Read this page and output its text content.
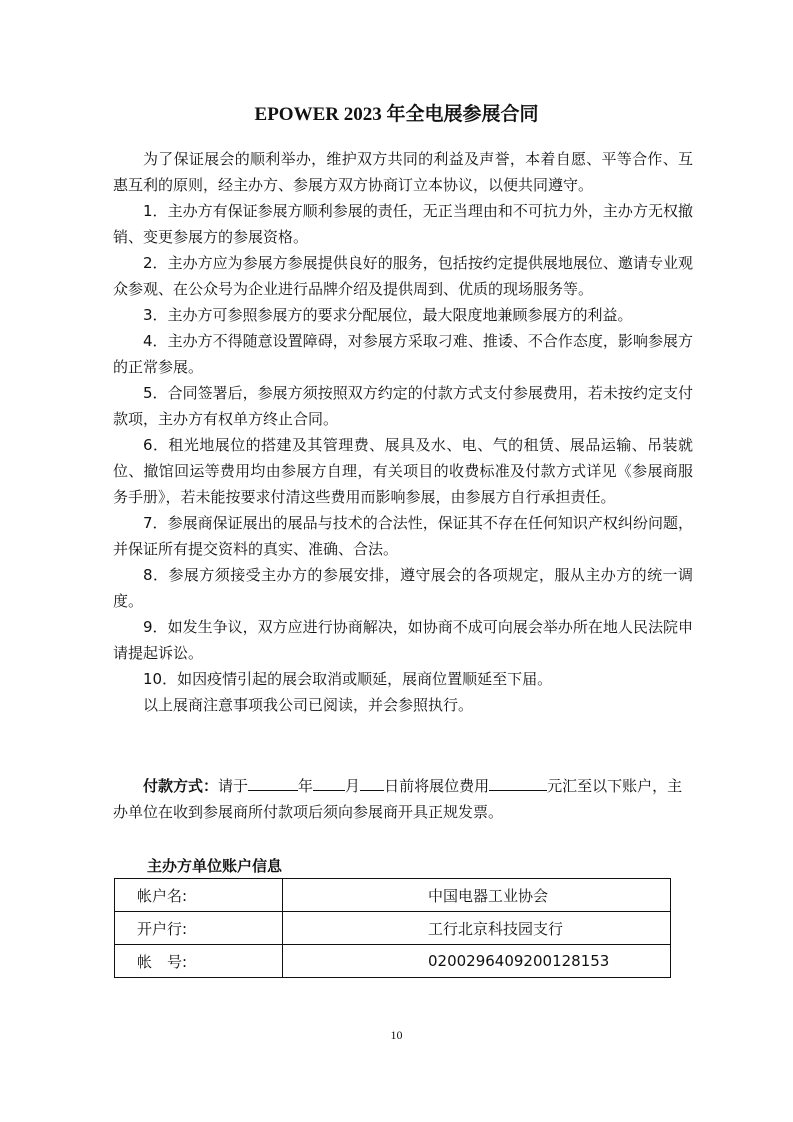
EPOWER 2023 年全电展参展合同

为了保证展会的顺利举办，维护双方共同的利益及声誉，本着自愿、平等合作、互惠互利的原则，经主办方、参展方双方协商订立本协议，以便共同遵守。

1．主办方有保证参展方顺利参展的责任，无正当理由和不可抗力外，主办方无权撤销、变更参展方的参展资格。

2．主办方应为参展方参展提供良好的服务，包括按约定提供展地展位、邀请专业观众参观、在公众号为企业进行品牌介绍及提供周到、优质的现场服务等。

3．主办方可参照参展方的要求分配展位，最大限度地兼顾参展方的利益。

4．主办方不得随意设置障碍，对参展方采取刁难、推诿、不合作态度，影响参展方的正常参展。

5．合同签署后，参展方须按照双方约定的付款方式支付参展费用，若未按约定支付款项，主办方有权单方终止合同。

6．租光地展位的搭建及其管理费、展具及水、电、气的租赁、展品运输、吊装就位、撤馆回运等费用均由参展方自理，有关项目的收费标准及付款方式详见《参展商服务手册》，若未能按要求付清这些费用而影响参展，由参展方自行承担责任。

7．参展商保证展出的展品与技术的合法性，保证其不存在任何知识产权纠纷问题，并保证所有提交资料的真实、准确、合法。

8．参展方须接受主办方的参展安排，遵守展会的各项规定，服从主办方的统一调度。

9．如发生争议，双方应进行协商解决，如协商不成可向展会举办所在地人民法院申请提起诉讼。

10．如因疫情引起的展会取消或顺延，展商位置顺延至下届。

以上展商注意事项我公司已阅读，并会参照执行。

付款方式：请于	年 月 日前将展位费用	元汇至以下账户，主办单位在收到参展商所付款项后须向参展商开具正规发票。

主办方单位账户信息
帐户名:	中国电器工业协会
开户行:	工行北京科技园支行
帐　号:	0200296409200128153
10
